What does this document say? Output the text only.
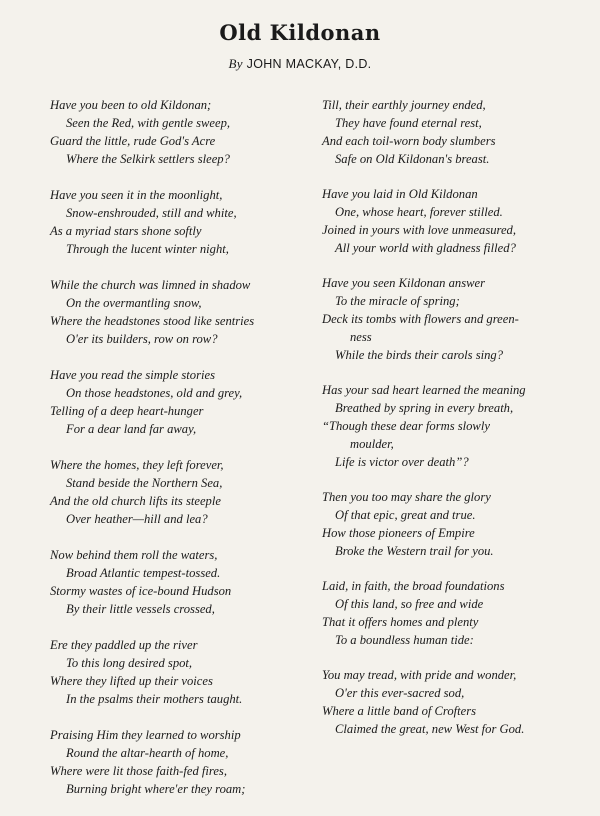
Old Kildonan
By JOHN MACKAY, D.D.
Have you been to old Kildonan;
Seen the Red, with gentle sweep,
Guard the little, rude God's Acre
Where the Selkirk settlers sleep?
Have you seen it in the moonlight,
Snow-enshrouded, still and white,
As a myriad stars shone softly
Through the lucent winter night,
While the church was limned in shadow
On the overmantling snow,
Where the headstones stood like sentries
O'er its builders, row on row?
Have you read the simple stories
On those headstones, old and grey,
Telling of a deep heart-hunger
For a dear land far away,
Where the homes, they left forever,
Stand beside the Northern Sea,
And the old church lifts its steeple
Over heather—hill and lea?
Now behind them roll the waters,
Broad Atlantic tempest-tossed.
Stormy wastes of ice-bound Hudson
By their little vessels crossed,
Ere they paddled up the river
To this long desired spot,
Where they lifted up their voices
In the psalms their mothers taught.
Praising Him they learned to worship
Round the altar-hearth of home,
Where were lit those faith-fed fires,
Burning bright where'er they roam;
Till, their earthly journey ended,
They have found eternal rest,
And each toil-worn body slumbers
Safe on Old Kildonan's breast.
Have you laid in Old Kildonan
One, whose heart, forever stilled.
Joined in yours with love unmeasured,
All your world with gladness filled?
Have you seen Kildonan answer
To the miracle of spring;
Deck its tombs with flowers and green-
ness
While the birds their carols sing?
Has your sad heart learned the meaning
Breathed by spring in every breath,
“Though these dear forms slowly
moulder,
Life is victor over death”?
Then you too may share the glory
Of that epic, great and true.
How those pioneers of Empire
Broke the Western trail for you.
Laid, in faith, the broad foundations
Of this land, so free and wide
That it offers homes and plenty
To a boundless human tide:
You may tread, with pride and wonder,
O'er this ever-sacred sod,
Where a little band of Crofters
Claimed the great, new West for God.
